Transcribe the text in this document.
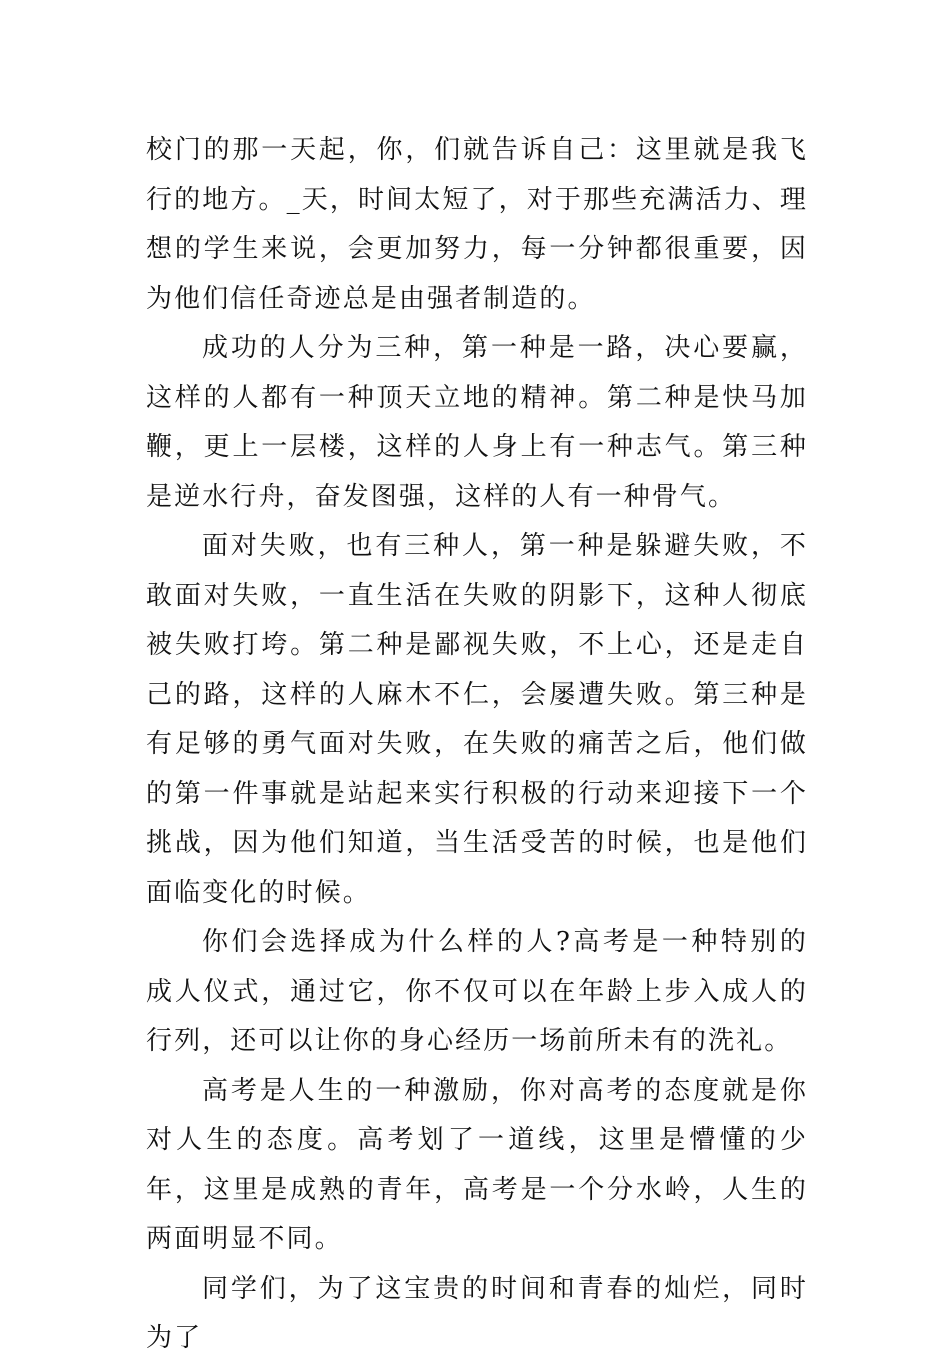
校门的那一天起，你，们就告诉自己：这里就是我飞行的地方。_天，时间太短了，对于那些充满活力、理想的学生来说，会更加努力，每一分钟都很重要，因为他们信任奇迹总是由强者制造的。

成功的人分为三种，第一种是一路，决心要赢，这样的人都有一种顶天立地的精神。第二种是快马加鞭，更上一层楼，这样的人身上有一种志气。第三种是逆水行舟，奋发图强，这样的人有一种骨气。

面对失败，也有三种人，第一种是躲避失败，不敢面对失败，一直生活在失败的阴影下，这种人彻底被失败打垮。第二种是鄙视失败，不上心，还是走自己的路，这样的人麻木不仁，会屡遭失败。第三种是有足够的勇气面对失败，在失败的痛苦之后，他们做的第一件事就是站起来实行积极的行动来迎接下一个挑战，因为他们知道，当生活受苦的时候，也是他们面临变化的时候。

你们会选择成为什么样的人?高考是一种特别的成人仪式，通过它，你不仅可以在年龄上步入成人的行列，还可以让你的身心经历一场前所未有的洗礼。

高考是人生的一种激励，你对高考的态度就是你对人生的态度。高考划了一道线，这里是懵懂的少年，这里是成熟的青年，高考是一个分水岭，人生的两面明显不同。

同学们，为了这宝贵的时间和青春的灿烂，同时为了
